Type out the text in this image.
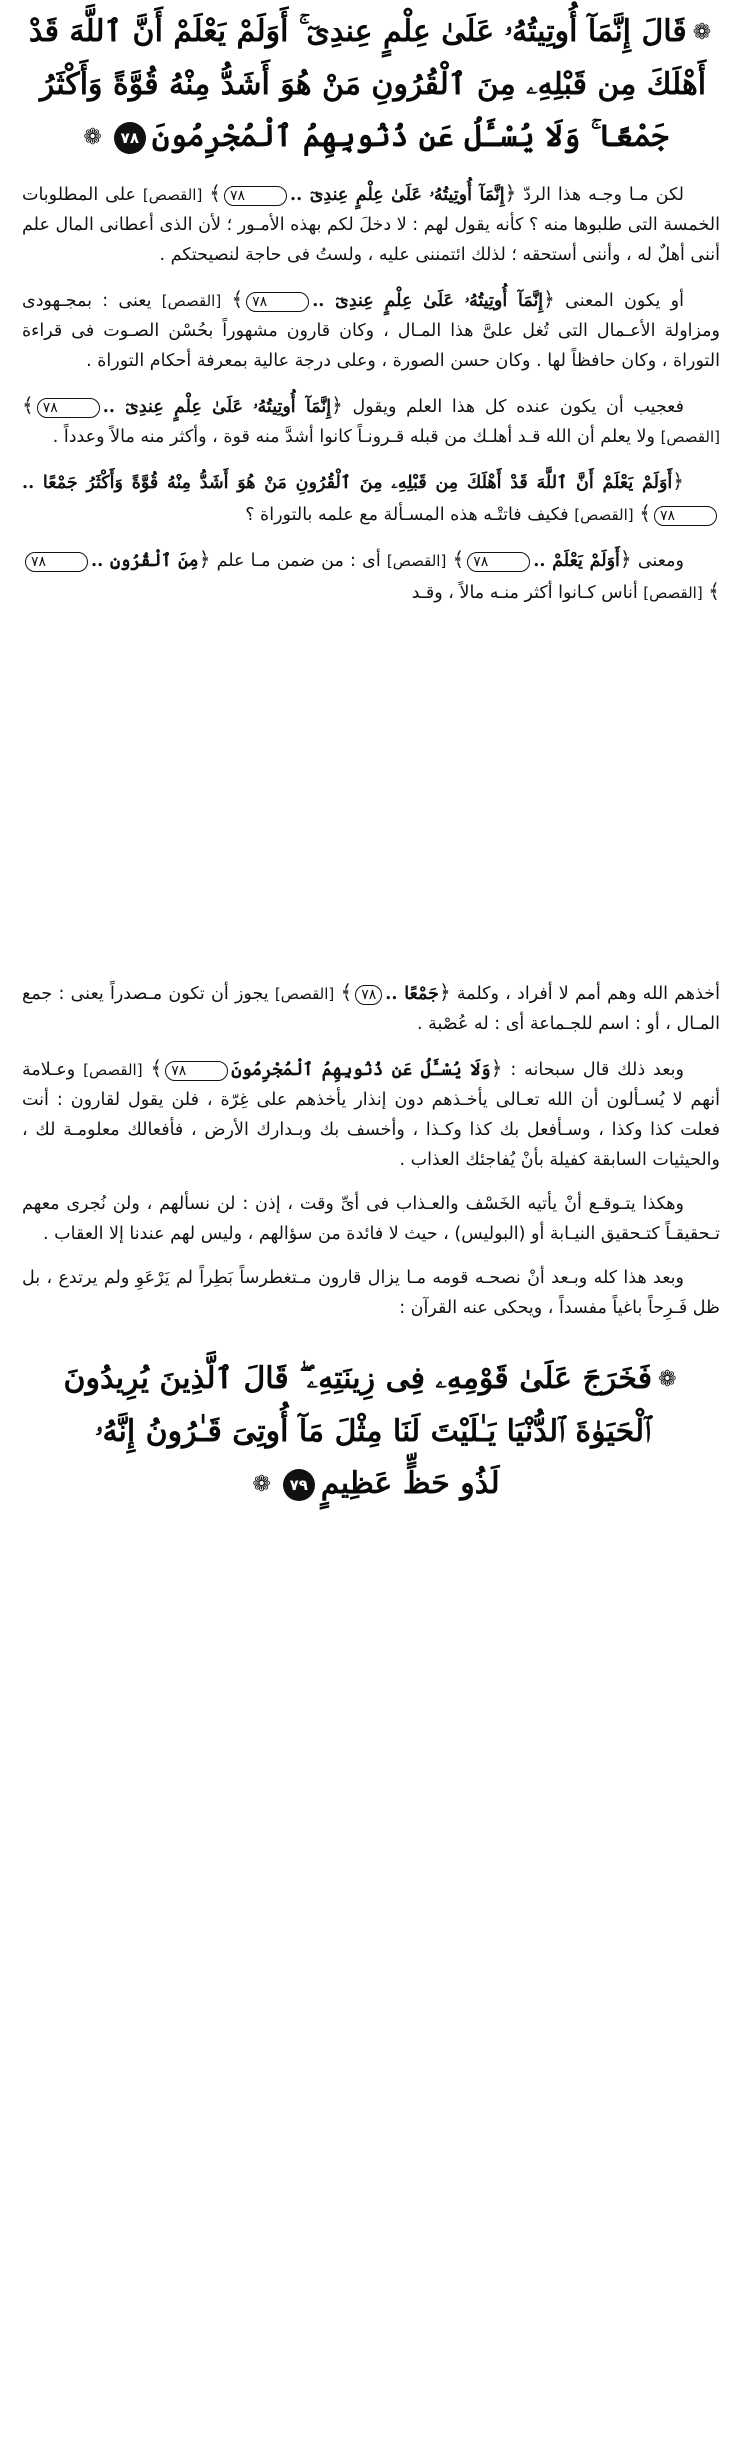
❁قَالَ إِنَّمَآ أُوتِيتُهُۥ عَلَىٰ عِلْمٍ عِندِىٓ ۚ أَوَلَمْ يَعْلَمْ أَنَّ ٱللَّهَ قَدْ
أَهْلَكَ مِن قَبْلِهِۦ مِنَ ٱلْقُرُونِ مَنْ هُوَ أَشَدُّ مِنْهُ قُوَّةً وَأَكْثَرُ
جَمْعًا ۚ وَلَا يُسْـَٔلُ عَن ذُنُوبِهِمُ ٱلْمُجْرِمُونَ٧٨❁

لكن مـا وجـه هذا الردّ ﴿إِنَّمَآ أُوتِيتُهُۥ عَلَىٰ عِلْمٍ عِندِىٓ ..٧٨﴾ [القصص] على المطلوبات الخمسة التى طلبوها منه ؟ كأنه يقول لهم : لا دخلَ لكم بهذه الأمـور ؛ لأن الذى أعطانى المال علم أننى أهلٌ له ، وأننى أستحقه ؛ لذلك ائتمننى عليه ، ولستُ فى حاجة لنصيحتكم .

أو يكون المعنى ﴿إِنَّمَآ أُوتِيتُهُۥ عَلَىٰ عِلْمٍ عِندِىٓ ..٧٨﴾ [القصص] يعنى : بمجـهودى ومزاولة الأعـمال التى تُغل علىَّ هذا المـال ، وكان قارون مشهوراً بحُسْن الصـوت فى قراءة التوراة ، وكان حافظاً لها . وكان حسن الصورة ، وعلى درجة عالية بمعرفة أحكام التوراة .

فعجيب أن يكون عنده كل هذا العلم ويقول ﴿إِنَّمَآ أُوتِيتُهُۥ عَلَىٰ عِلْمٍ عِندِىٓ ..٧٨﴾ [القصص] ولا يعلم أن الله قـد أهلـك من قبله قـرونـاً كانوا أشدَّ منه قوة ، وأكثر منه مالاً وعدداً .

﴿أَوَلَمْ يَعْلَمْ أَنَّ ٱللَّهَ قَدْ أَهْلَكَ مِن قَبْلِهِۦ مِنَ ٱلْقُرُونِ مَنْ هُوَ أَشَدُّ مِنْهُ قُوَّةً وَأَكْثَرُ جَمْعًا ..٧٨﴾ [القصص] فكيف فاتتْـه هذه المسـألة مع علمه بالتوراة ؟

ومعنى ﴿أَوَلَمْ يَعْلَمْ ..٧٨﴾ [القصص] أى : من ضمن مـا علم ﴿مِنَ ٱلْقُرُونِ ..٧٨﴾ [القصص] أناس كـانوا أكثر منـه مالاً ، وقـد

أخذهم الله وهم أمم لا أفراد ، وكلمة ﴿جَمْعًا ..٧٨﴾ [القصص] يجوز أن تكون مـصدراً يعنى : جمع المـال ، أو : اسم للجـماعة أى : له عُصْبة .

وبعد ذلك قال سبحانه : ﴿وَلَا يُسْـَٔلُ عَن ذُنُوبِهِمُ ٱلْمُجْرِمُونَ٧٨﴾ [القصص] وعـلامة أنهم لا يُسـألون أن الله تعـالى يأخـذهم دون إنذار يأخذهم على غِرّة ، فلن يقول لقارون : أنت فعلت كذا وكذا ، وسـأفعل بك كذا وكـذا ، وأخسف بك وبـدارك الأرض ، فأفعالك معلومـة لك ، والحيثيات السابقة كفيلة بأنْ يُفاجئك العذاب .

وهكذا يتـوقـع أنْ يأتيه الخَسْف والعـذاب فى أىِّ وقت ، إذن : لن نسألهم ، ولن نُجرى معهم تـحقيقـاً كتـحقيق النيـابة أو (البوليس) ، حيث لا فائدة من سؤالهم ، وليس لهم عندنا إلا العقاب .

وبعد هذا كله وبـعد أنْ نصحـه قومه مـا يزال قارون مـتغطرساً بَطِراً لم يَرْعَوِ ولم يرتدع ، بل ظل فَـرِحاً باغياً مفسداً ، ويحكى عنه القرآن :

❁فَخَرَجَ عَلَىٰ قَوْمِهِۦ فِى زِينَتِهِۦ ۖ قَالَ ٱلَّذِينَ يُرِيدُونَ
ٱلْحَيَوٰةَ ٱلدُّنْيَا يَـٰلَيْتَ لَنَا مِثْلَ مَآ أُوتِىَ قَـٰرُونُ إِنَّهُۥ
لَذُو حَظٍّ عَظِيمٍ٧٩❁
